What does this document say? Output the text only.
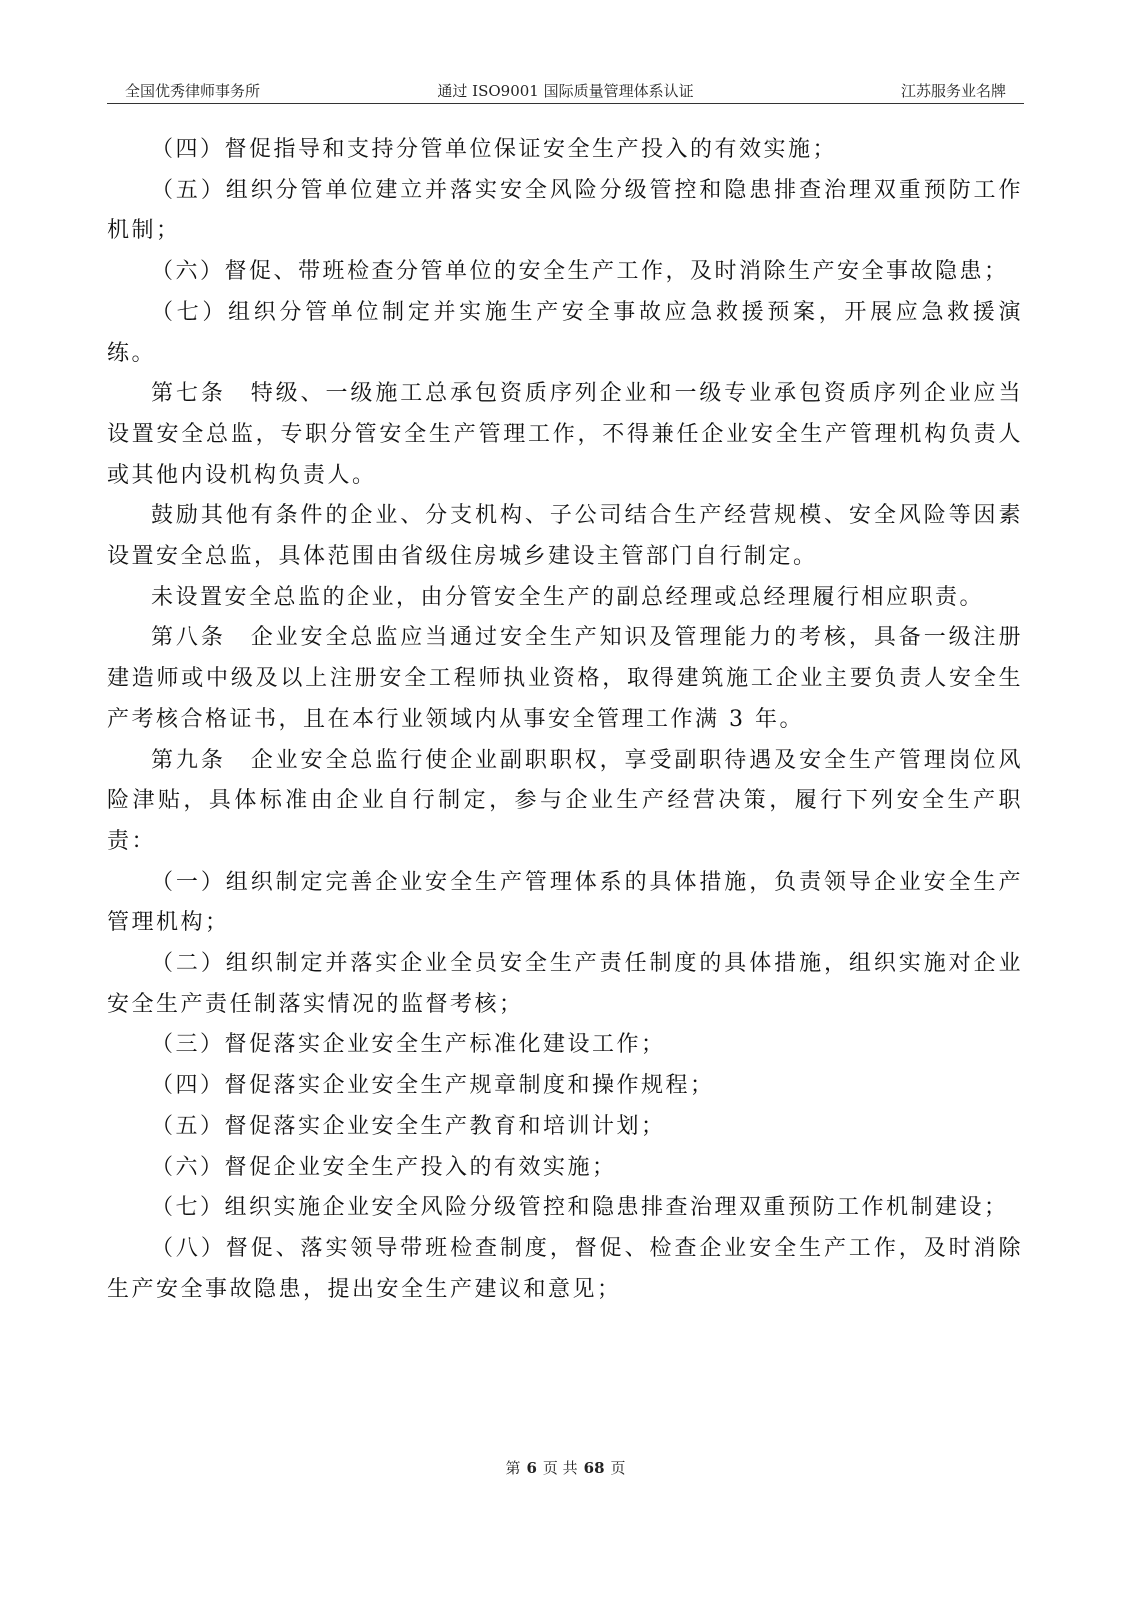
全国优秀律师事务所	通过 ISO9001 国际质量管理体系认证	江苏服务业名牌

（四）督促指导和支持分管单位保证安全生产投入的有效实施；

（五）组织分管单位建立并落实安全风险分级管控和隐患排查治理双重预防工作机制；

（六）督促、带班检查分管单位的安全生产工作，及时消除生产安全事故隐患；

（七）组织分管单位制定并实施生产安全事故应急救援预案，开展应急救援演练。

第七条　特级、一级施工总承包资质序列企业和一级专业承包资质序列企业应当设置安全总监，专职分管安全生产管理工作，不得兼任企业安全生产管理机构负责人或其他内设机构负责人。

鼓励其他有条件的企业、分支机构、子公司结合生产经营规模、安全风险等因素设置安全总监，具体范围由省级住房城乡建设主管部门自行制定。

未设置安全总监的企业，由分管安全生产的副总经理或总经理履行相应职责。

第八条　企业安全总监应当通过安全生产知识及管理能力的考核，具备一级注册建造师或中级及以上注册安全工程师执业资格，取得建筑施工企业主要负责人安全生产考核合格证书，且在本行业领域内从事安全管理工作满 3 年。

第九条　企业安全总监行使企业副职职权，享受副职待遇及安全生产管理岗位风险津贴，具体标准由企业自行制定，参与企业生产经营决策，履行下列安全生产职责：

（一）组织制定完善企业安全生产管理体系的具体措施，负责领导企业安全生产管理机构；

（二）组织制定并落实企业全员安全生产责任制度的具体措施，组织实施对企业安全生产责任制落实情况的监督考核；

（三）督促落实企业安全生产标准化建设工作；

（四）督促落实企业安全生产规章制度和操作规程；

（五）督促落实企业安全生产教育和培训计划；

（六）督促企业安全生产投入的有效实施；

（七）组织实施企业安全风险分级管控和隐患排查治理双重预防工作机制建设；

（八）督促、落实领导带班检查制度，督促、检查企业安全生产工作，及时消除生产安全事故隐患，提出安全生产建议和意见；

第 6 页 共 68 页
